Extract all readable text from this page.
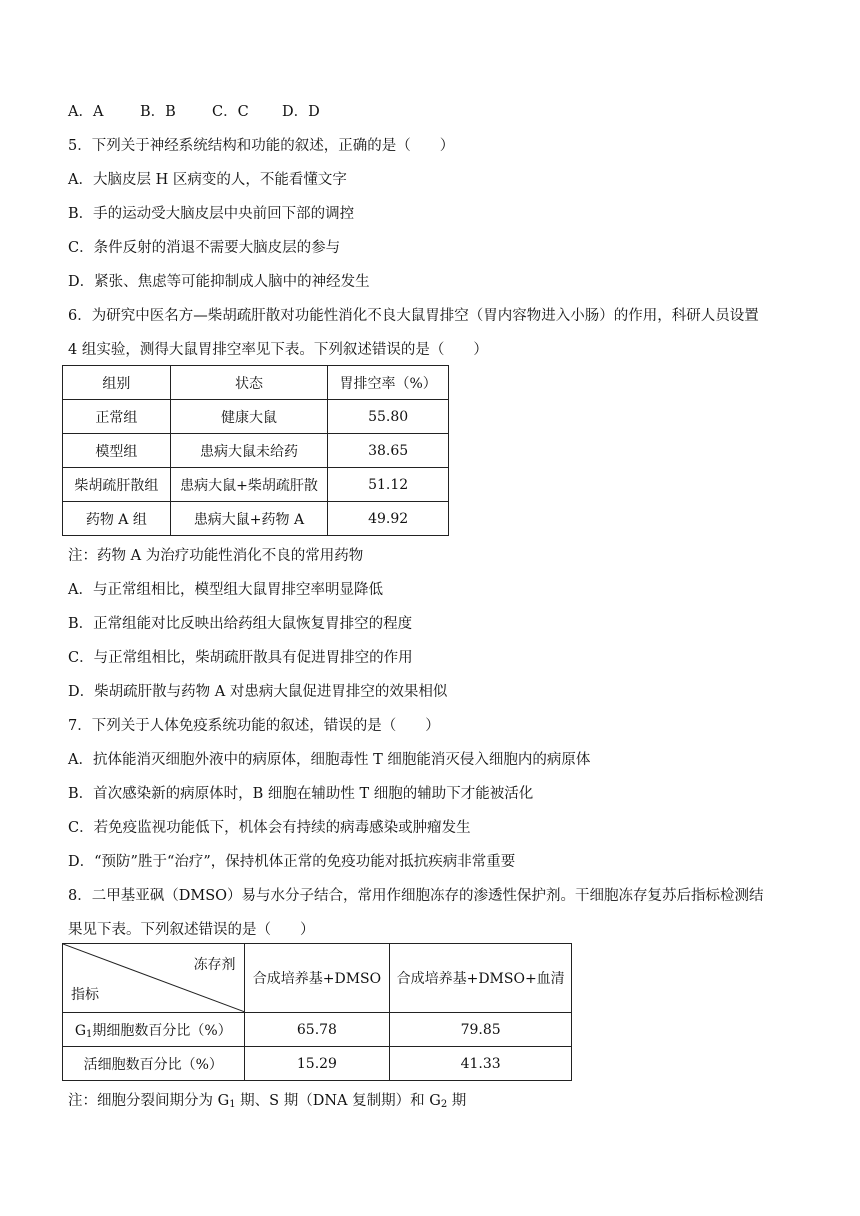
A．A	B．B C．C D．D
5．下列关于神经系统结构和功能的叙述，正确的是（　　）
A．大脑皮层 H 区病变的人，不能看懂文字
B．手的运动受大脑皮层中央前回下部的调控
C．条件反射的消退不需要大脑皮层的参与
D．紧张、焦虑等可能抑制成人脑中的神经发生
6．为研究中医名方—柴胡疏肝散对功能性消化不良大鼠胃排空（胃内容物进入小肠）的作用，科研人员设置
4 组实验，测得大鼠胃排空率见下表。下列叙述错误的是（　　）
组别	状态	胃排空率（%）
正常组	健康大鼠	55.80
模型组	患病大鼠未给药	38.65
柴胡疏肝散组	患病大鼠+柴胡疏肝散	51.12
药物 A 组	患病大鼠+药物 A	49.92
注：药物 A 为治疗功能性消化不良的常用药物
A．与正常组相比，模型组大鼠胃排空率明显降低
B．正常组能对比反映出给药组大鼠恢复胃排空的程度
C．与正常组相比，柴胡疏肝散具有促进胃排空的作用
D．柴胡疏肝散与药物 A 对患病大鼠促进胃排空的效果相似
7．下列关于人体免疫系统功能的叙述，错误的是（　　）
A．抗体能消灭细胞外液中的病原体，细胞毒性 T 细胞能消灭侵入细胞内的病原体
B．首次感染新的病原体时，B 细胞在辅助性 T 细胞的辅助下才能被活化
C．若免疫监视功能低下，机体会有持续的病毒感染或肿瘤发生
D．“预防”胜于“治疗”，保持机体正常的免疫功能对抵抗疾病非常重要
8．二甲基亚砜（DMSO）易与水分子结合，常用作细胞冻存的渗透性保护剂。干细胞冻存复苏后指标检测结
果见下表。下列叙述错误的是（　　）
冻存剂
指标	合成培养基+DMSO	合成培养基+DMSO+血清
$G_1$期细胞数百分比（%）	65.78	79.85
活细胞数百分比（%）	15.29	41.33
注：细胞分裂间期分为 $G_1$ 期、S 期（DNA 复制期）和 $G_2$ 期
